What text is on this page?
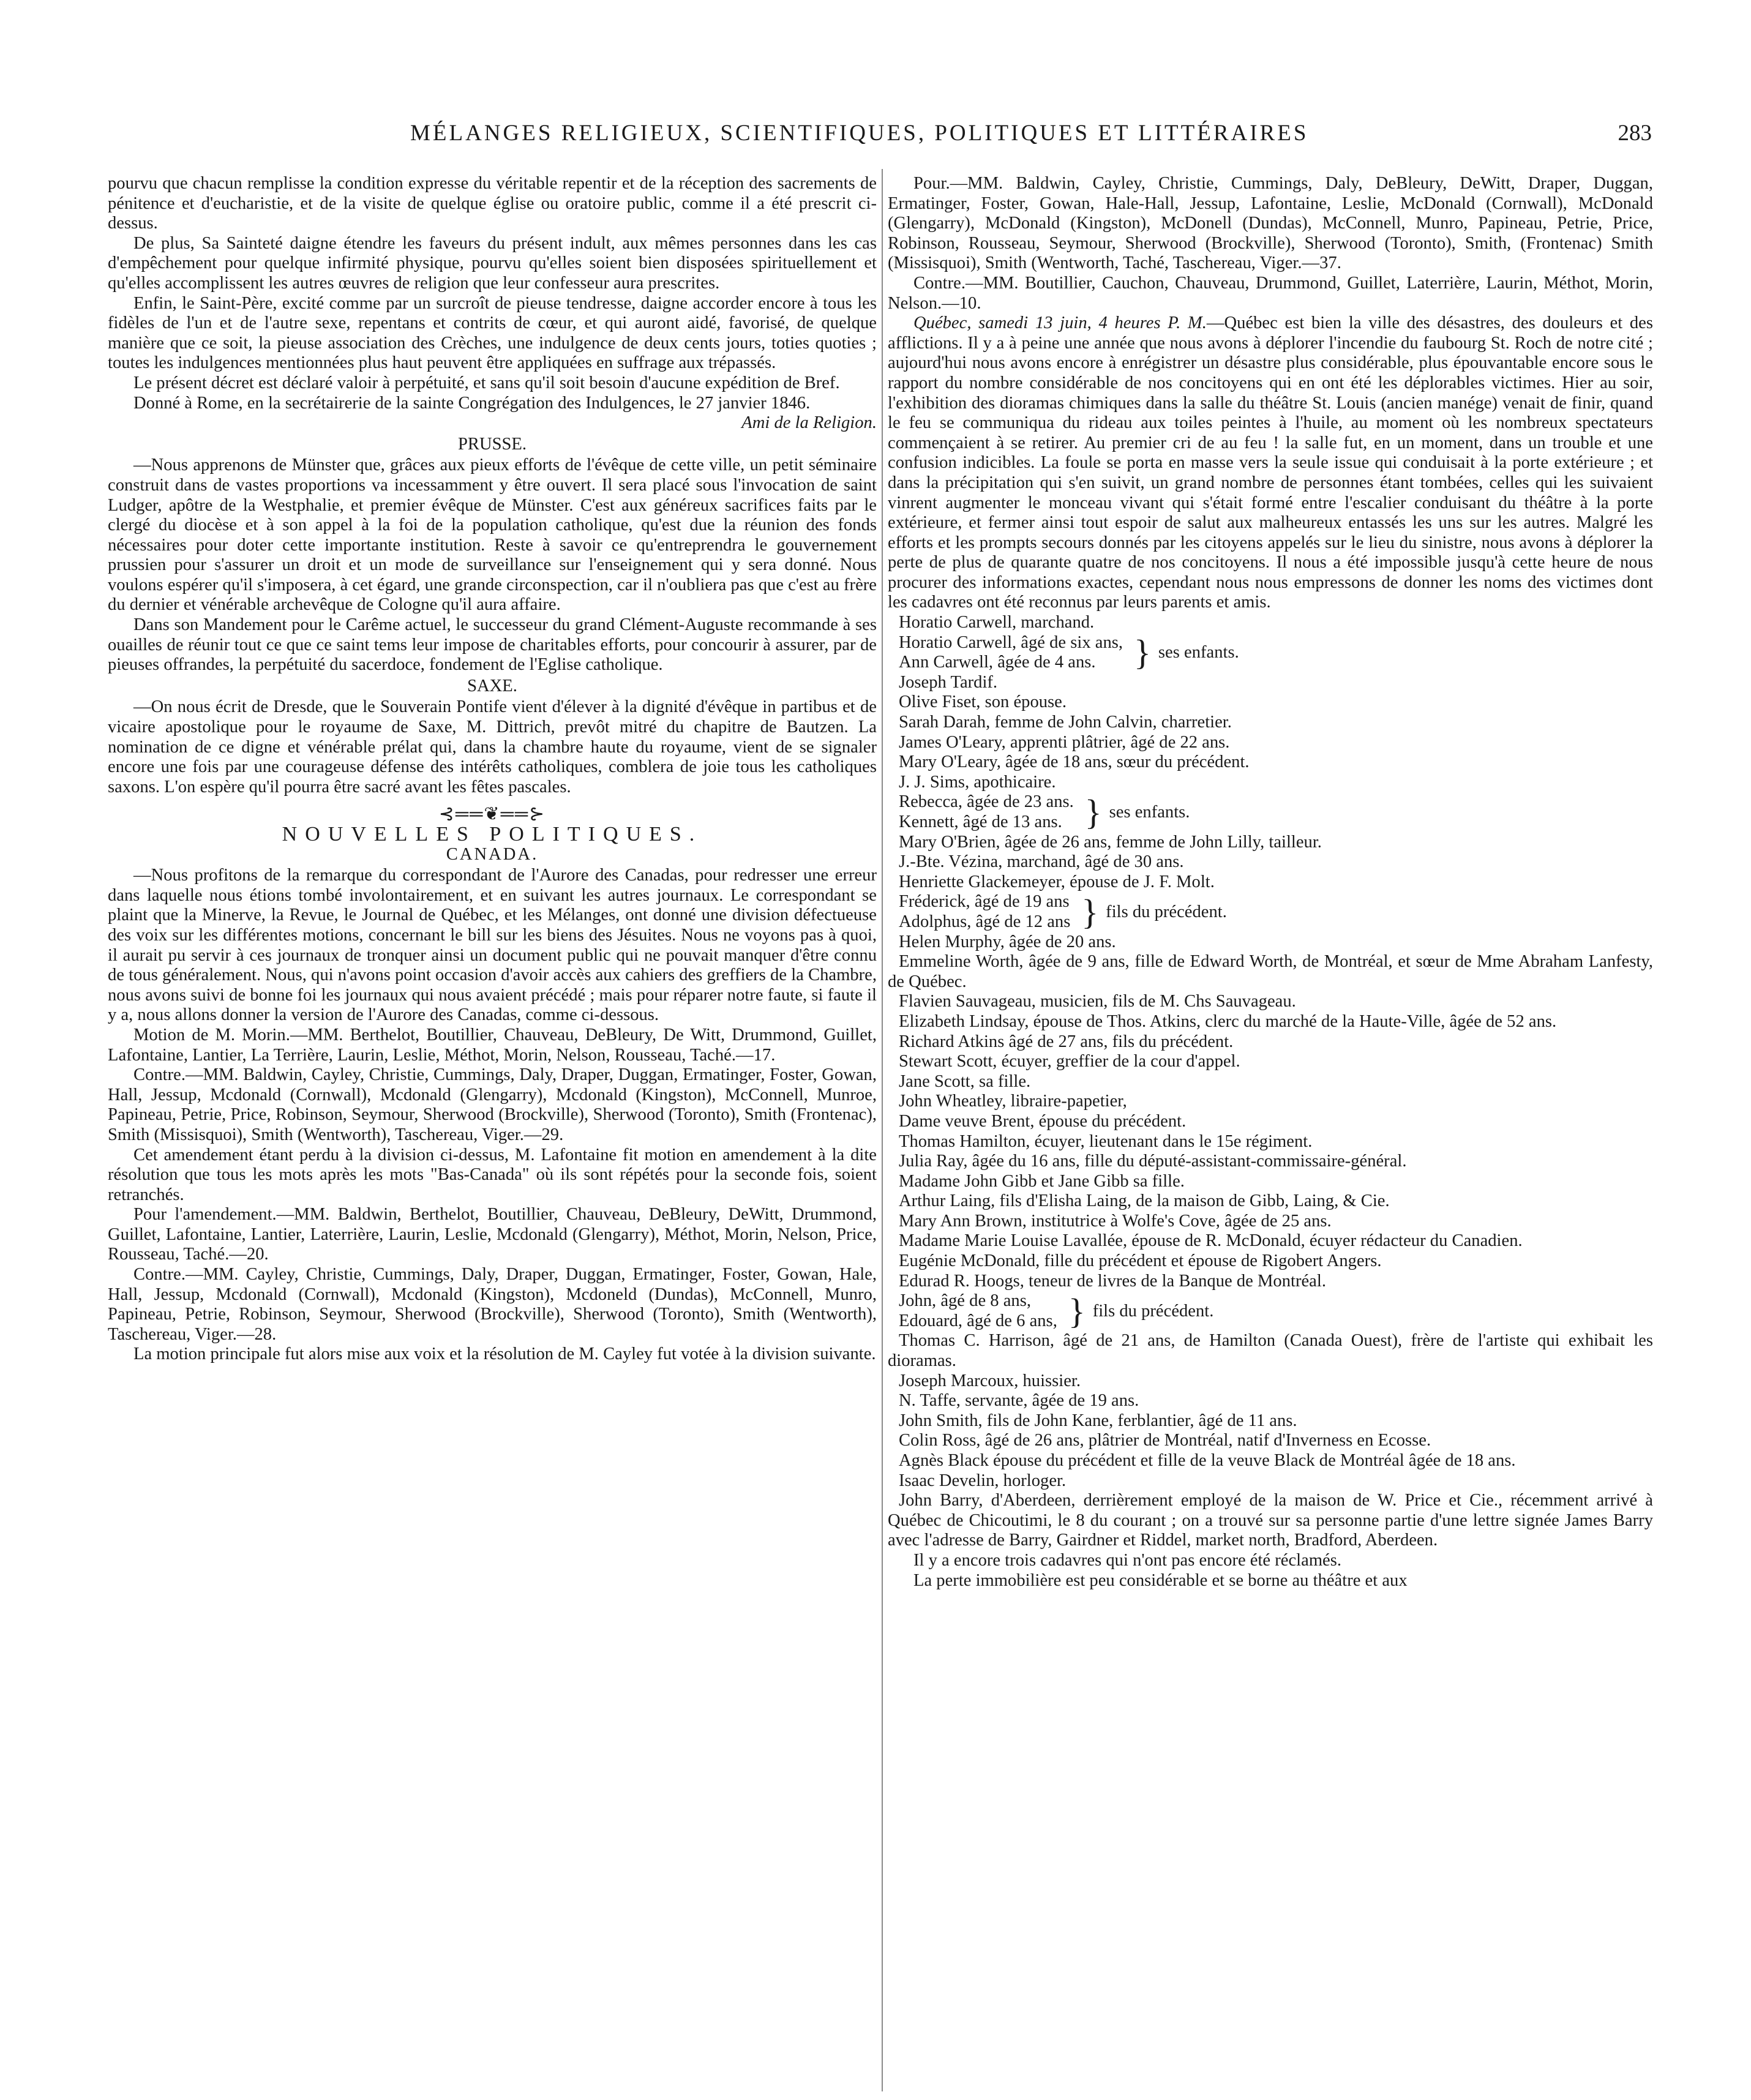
MÉLANGES RELIGIEUX, SCIENTIFIQUES, POLITIQUES ET LITTÉRAIRES	283

pourvu que chacun remplisse la condition expresse du véritable repentir et de la réception des sacrements de pénitence et d'eucharistie, et de la visite de quelque église ou oratoire public, comme il a été prescrit ci-dessus.

De plus, Sa Sainteté daigne étendre les faveurs du présent indult, aux mêmes personnes dans les cas d'empêchement pour quelque infirmité physique, pourvu qu'elles soient bien disposées spirituellement et qu'elles accomplissent les autres œuvres de religion que leur confesseur aura prescrites.

Enfin, le Saint-Père, excité comme par un surcroît de pieuse tendresse, daigne accorder encore à tous les fidèles de l'un et de l'autre sexe, repentans et contrits de cœur, et qui auront aidé, favorisé, de quelque manière que ce soit, la pieuse association des Crèches, une indulgence de deux cents jours, toties quoties ; toutes les indulgences mentionnées plus haut peuvent être appliquées en suffrage aux trépassés.

Le présent décret est déclaré valoir à perpétuité, et sans qu'il soit besoin d'aucune expédition de Bref.

Donné à Rome, en la secrétairerie de la sainte Congrégation des Indulgences, le 27 janvier 1846.

Ami de la Religion.

PRUSSE.

—Nous apprenons de Münster que, grâces aux pieux efforts de l'évêque de cette ville, un petit séminaire construit dans de vastes proportions va incessamment y être ouvert. Il sera placé sous l'invocation de saint Ludger, apôtre de la Westphalie, et premier évêque de Münster. C'est aux généreux sacrifices faits par le clergé du diocèse et à son appel à la foi de la population catholique, qu'est due la réunion des fonds nécessaires pour doter cette importante institution. Reste à savoir ce qu'entreprendra le gouvernement prussien pour s'assurer un droit et un mode de surveillance sur l'enseignement qui y sera donné. Nous voulons espérer qu'il s'imposera, à cet égard, une grande circonspection, car il n'oubliera pas que c'est au frère du dernier et vénérable archevêque de Cologne qu'il aura affaire.

Dans son Mandement pour le Carême actuel, le successeur du grand Clément-Auguste recommande à ses ouailles de réunir tout ce que ce saint tems leur impose de charitables efforts, pour concourir à assurer, par de pieuses offrandes, la perpétuité du sacerdoce, fondement de l'Eglise catholique.

SAXE.

—On nous écrit de Dresde, que le Souverain Pontife vient d'élever à la dignité d'évêque in partibus et de vicaire apostolique pour le royaume de Saxe, M. Dittrich, prevôt mitré du chapitre de Bautzen. La nomination de ce digne et vénérable prélat qui, dans la chambre haute du royaume, vient de se signaler encore une fois par une courageuse défense des intérêts catholiques, comblera de joie tous les catholiques saxons. L'on espère qu'il pourra être sacré avant les fêtes pascales.

⊰══❦══⊱

NOUVELLES POLITIQUES.

CANADA.

—Nous profitons de la remarque du correspondant de l'Aurore des Canadas, pour redresser une erreur dans laquelle nous étions tombé involontairement, et en suivant les autres journaux. Le correspondant se plaint que la Minerve, la Revue, le Journal de Québec, et les Mélanges, ont donné une division défectueuse des voix sur les différentes motions, concernant le bill sur les biens des Jésuites. Nous ne voyons pas à quoi, il aurait pu servir à ces journaux de tronquer ainsi un document public qui ne pouvait manquer d'être connu de tous généralement. Nous, qui n'avons point occasion d'avoir accès aux cahiers des greffiers de la Chambre, nous avons suivi de bonne foi les journaux qui nous avaient précédé ; mais pour réparer notre faute, si faute il y a, nous allons donner la version de l'Aurore des Canadas, comme ci-dessous.

Motion de M. Morin.—MM. Berthelot, Boutillier, Chauveau, DeBleury, De Witt, Drummond, Guillet, Lafontaine, Lantier, La Terrière, Laurin, Leslie, Méthot, Morin, Nelson, Rousseau, Taché.—17.

Contre.—MM. Baldwin, Cayley, Christie, Cummings, Daly, Draper, Duggan, Ermatinger, Foster, Gowan, Hall, Jessup, Mcdonald (Cornwall), Mcdonald (Glengarry), Mcdonald (Kingston), McConnell, Munroe, Papineau, Petrie, Price, Robinson, Seymour, Sherwood (Brockville), Sherwood (Toronto), Smith (Frontenac), Smith (Missisquoi), Smith (Wentworth), Taschereau, Viger.—29.

Cet amendement étant perdu à la division ci-dessus, M. Lafontaine fit motion en amendement à la dite résolution que tous les mots après les mots "Bas-Canada" où ils sont répétés pour la seconde fois, soient retranchés.

Pour l'amendement.—MM. Baldwin, Berthelot, Boutillier, Chauveau, DeBleury, DeWitt, Drummond, Guillet, Lafontaine, Lantier, Laterrière, Laurin, Leslie, Mcdonald (Glengarry), Méthot, Morin, Nelson, Price, Rousseau, Taché.—20.

Contre.—MM. Cayley, Christie, Cummings, Daly, Draper, Duggan, Ermatinger, Foster, Gowan, Hale, Hall, Jessup, Mcdonald (Cornwall), Mcdonald (Kingston), Mcdoneld (Dundas), McConnell, Munro, Papineau, Petrie, Robinson, Seymour, Sherwood (Brockville), Sherwood (Toronto), Smith (Wentworth), Taschereau, Viger.—28.

La motion principale fut alors mise aux voix et la résolution de M. Cayley fut votée à la division suivante.

Pour.—MM. Baldwin, Cayley, Christie, Cummings, Daly, DeBleury, DeWitt, Draper, Duggan, Ermatinger, Foster, Gowan, Hale-Hall, Jessup, Lafontaine, Leslie, McDonald (Cornwall), McDonald (Glengarry), McDonald (Kingston), McDonell (Dundas), McConnell, Munro, Papineau, Petrie, Price, Robinson, Rousseau, Seymour, Sherwood (Brockville), Sherwood (Toronto), Smith, (Frontenac) Smith (Missisquoi), Smith (Wentworth, Taché, Taschereau, Viger.—37.

Contre.—MM. Boutillier, Cauchon, Chauveau, Drummond, Guillet, Laterrière, Laurin, Méthot, Morin, Nelson.—10.

Québec, samedi 13 juin, 4 heures P. M.—Québec est bien la ville des désastres, des douleurs et des afflictions. Il y a à peine une année que nous avons à déplorer l'incendie du faubourg St. Roch de notre cité ; aujourd'hui nous avons encore à enrégistrer un désastre plus considérable, plus épouvantable encore sous le rapport du nombre considérable de nos concitoyens qui en ont été les déplorables victimes. Hier au soir, l'exhibition des dioramas chimiques dans la salle du théâtre St. Louis (ancien manége) venait de finir, quand le feu se communiqua du rideau aux toiles peintes à l'huile, au moment où les nombreux spectateurs commençaient à se retirer. Au premier cri de au feu ! la salle fut, en un moment, dans un trouble et une confusion indicibles. La foule se porta en masse vers la seule issue qui conduisait à la porte extérieure ; et dans la précipitation qui s'en suivit, un grand nombre de personnes étant tombées, celles qui les suivaient vinrent augmenter le monceau vivant qui s'était formé entre l'escalier conduisant du théâtre à la porte extérieure, et fermer ainsi tout espoir de salut aux malheureux entassés les uns sur les autres. Malgré les efforts et les prompts secours donnés par les citoyens appelés sur le lieu du sinistre, nous avons à déplorer la perte de plus de quarante quatre de nos concitoyens. Il nous a été impossible jusqu'à cette heure de nous procurer des informations exactes, cependant nous nous empressons de donner les noms des victimes dont les cadavres ont été reconnus par leurs parents et amis.

Horatio Carwell, marchand.
Horatio Carwell, âgé de six ans,
Ann Carwell, âgée de 4 ans.	} ses enfants.
Joseph Tardif.
Olive Fiset, son épouse.
Sarah Darah, femme de John Calvin, charretier.
James O'Leary, apprenti plâtrier, âgé de 22 ans.
Mary O'Leary, âgée de 18 ans, sœur du précédent.
J. J. Sims, apothicaire.
Rebecca, âgée de 23 ans.
Kennett, âgé de 13 ans. } ses enfants.
Mary O'Brien, âgée de 26 ans, femme de John Lilly, tailleur.
J.-Bte. Vézina, marchand, âgé de 30 ans.
Henriette Glackemeyer, épouse de J. F. Molt.
Fréderick, âgé de 19 ans
Adolphus, âgé de 12 ans } fils du précédent.
Helen Murphy, âgée de 20 ans.
Emmeline Worth, âgée de 9 ans, fille de Edward Worth, de Montréal, et sœur de Mme Abraham Lanfesty, de Québec.
Flavien Sauvageau, musicien, fils de M. Chs Sauvageau.
Elizabeth Lindsay, épouse de Thos. Atkins, clerc du marché de la Haute-Ville, âgée de 52 ans.
Richard Atkins âgé de 27 ans, fils du précédent.
Stewart Scott, écuyer, greffier de la cour d'appel.
Jane Scott, sa fille.
John Wheatley, libraire-papetier,
Dame veuve Brent, épouse du précédent.
Thomas Hamilton, écuyer, lieutenant dans le 15e régiment.
Julia Ray, âgée du 16 ans, fille du député-assistant-commissaire-général.
Madame John Gibb et Jane Gibb sa fille.
Arthur Laing, fils d'Elisha Laing, de la maison de Gibb, Laing, & Cie.
Mary Ann Brown, institutrice à Wolfe's Cove, âgée de 25 ans.
Madame Marie Louise Lavallée, épouse de R. McDonald, écuyer rédacteur du Canadien.
Eugénie McDonald, fille du précédent et épouse de Rigobert Angers.
Edurad R. Hoogs, teneur de livres de la Banque de Montréal.
John, âgé de 8 ans,
Edouard, âgé de 6 ans, } fils du précédent.
Thomas C. Harrison, âgé de 21 ans, de Hamilton (Canada Ouest), frère de l'artiste qui exhibait les dioramas.
Joseph Marcoux, huissier.
N. Taffe, servante, âgée de 19 ans.
John Smith, fils de John Kane, ferblantier, âgé de 11 ans.
Colin Ross, âgé de 26 ans, plâtrier de Montréal, natif d'Inverness en Ecosse.
Agnès Black épouse du précédent et fille de la veuve Black de Montréal âgée de 18 ans.
Isaac Develin, horloger.
John Barry, d'Aberdeen, derrièrement employé de la maison de W. Price et Cie., récemment arrivé à Québec de Chicoutimi, le 8 du courant ; on a trouvé sur sa personne partie d'une lettre signée James Barry avec l'adresse de Barry, Gairdner et Riddel, market north, Bradford, Aberdeen.

Il y a encore trois cadavres qui n'ont pas encore été réclamés.

La perte immobilière est peu considérable et se borne au théâtre et aux
